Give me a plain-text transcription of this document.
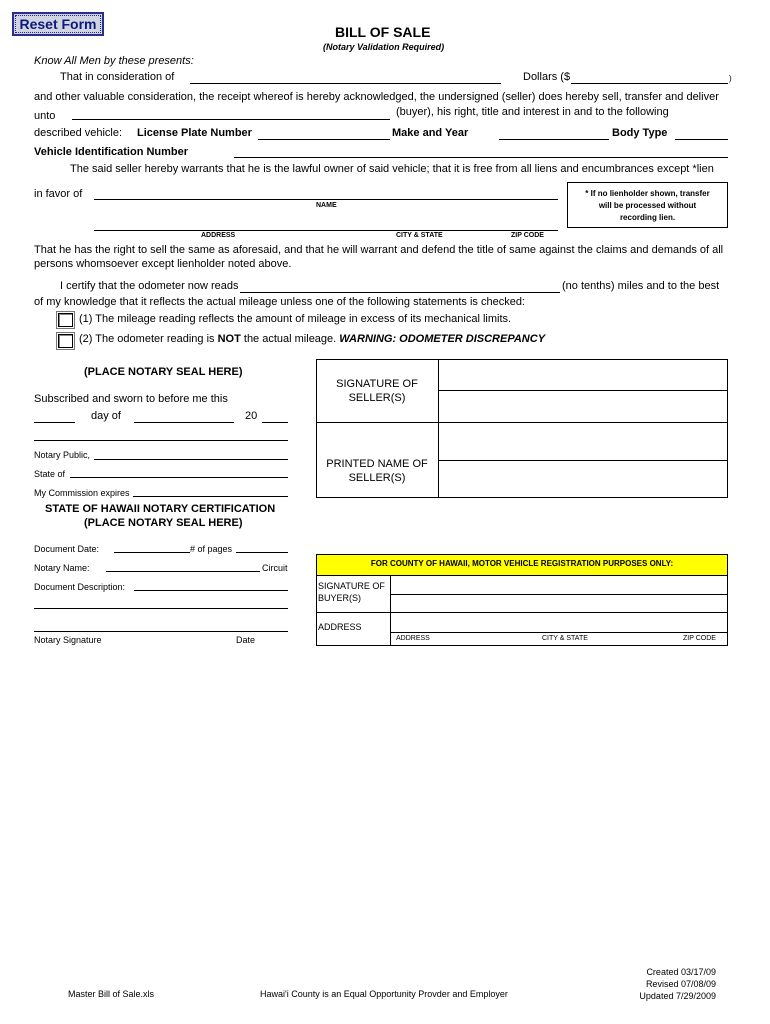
Reset Form	BILL OF SALE
(Notary Validation Required)
Know All Men by these presents:
That in consideration of	Dollars ($	)
and other valuable consideration, the receipt whereof is hereby acknowledged, the undersigned (seller) does hereby sell, transfer and deliver
unto	(buyer), his right, title and interest in and to the following
described vehicle: License Plate Number	Make and Year	Body Type
Vehicle Identification Number
The said seller hereby warrants that he is the lawful owner of said vehicle; that it is free from all liens and encumbrances except *lien
in favor of
NAME
* If no lienholder shown, transfer
will be processed without
recording lien.
ADDRESS	CITY & STATE	ZIP CODE
That he has the right to sell the same as aforesaid, and that he will warrant and defend the title of same against the claims and demands of all
persons whomsoever except lienholder noted above.
I certify that the odometer now reads	(no tenths) miles and to the best
of my knowledge that it reflects the actual mileage unless one of the following statements is checked:
(1) The mileage reading reflects the amount of mileage in excess of its mechanical limits.
(2) The odometer reading is NOT the actual mileage. WARNING: ODOMETER DISCREPANCY
(PLACE NOTARY SEAL HERE)
Subscribed and sworn to before me this
day of	20
Notary Public,
State of
My Commission expires
SIGNATURE OF
SELLER(S)
PRINTED NAME OF
SELLER(S)
STATE OF HAWAII NOTARY CERTIFICATION
(PLACE NOTARY SEAL HERE)
Document Date:	# of pages
Notary Name:	Circuit
Document Description:
Notary Signature	Date
FOR COUNTY OF HAWAII, MOTOR VEHICLE REGISTRATION PURPOSES ONLY:
SIGNATURE OF
BUYER(S)
ADDRESS
ADDRESS	CITY & STATE	ZIP CODE
Master Bill of Sale.xls	Hawai'i County is an Equal Opportunity Provder and Employer
Created 03/17/09
Revised 07/08/09
Updated 7/29/2009
